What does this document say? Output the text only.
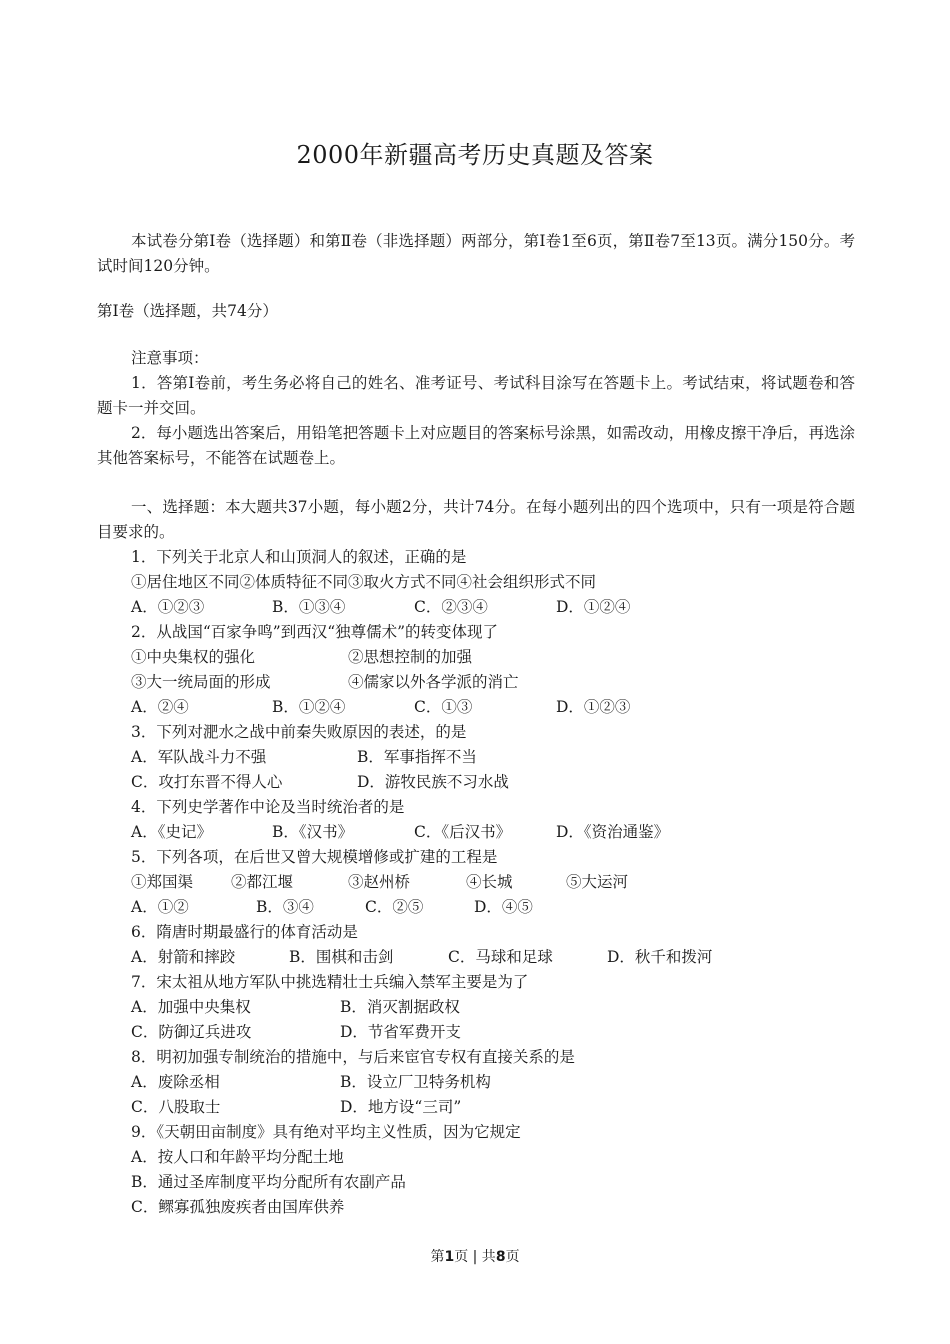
2000年新疆高考历史真题及答案
本试卷分第Ⅰ卷（选择题）和第Ⅱ卷（非选择题）两部分，第Ⅰ卷1至6页，第Ⅱ卷7至13页。满分150分。考试时间120分钟。
第Ⅰ卷（选择题，共74分）
注意事项：
1．答第Ⅰ卷前，考生务必将自己的姓名、准考证号、考试科目涂写在答题卡上。考试结束，将试题卷和答题卡一并交回。
2．每小题选出答案后，用铅笔把答题卡上对应题目的答案标号涂黑，如需改动，用橡皮擦干净后，再选涂其他答案标号，不能答在试题卷上。
一、选择题：本大题共37小题，每小题2分，共计74分。在每小题列出的四个选项中，只有一项是符合题目要求的。
1．下列关于北京人和山顶洞人的叙述，正确的是
①居住地区不同②体质特征不同③取火方式不同④社会组织形式不同
A．①②③	B．①③④	C．②③④	D．①②④
2．从战国“百家争鸣”到西汉“独尊儒术”的转变体现了
①中央集权的强化	②思想控制的加强
③大一统局面的形成	④儒家以外各学派的消亡
A．②④	B．①②④	C．①③	D．①②③
3．下列对淝水之战中前秦失败原因的表述，的是
A．军队战斗力不强	B．军事指挥不当
C．攻打东晋不得人心	D．游牧民族不习水战
4．下列史学著作中论及当时统治者的是
A．《史记》	B．《汉书》	C．《后汉书》	D．《资治通鉴》
5．下列各项，在后世又曾大规模增修或扩建的工程是
①郑国渠 ②都江堰	③赵州桥	④长城	⑤大运河
A．①②	B．③④	C．②⑤	D．④⑤
6．隋唐时期最盛行的体育活动是
A．射箭和摔跤	B．围棋和击剑	C．马球和足球	D．秋千和拨河
7．宋太祖从地方军队中挑选精壮士兵编入禁军主要是为了
A．加强中央集权	B．消灭割据政权
C．防御辽兵进攻	D．节省军费开支
8．明初加强专制统治的措施中，与后来宦官专权有直接关系的是
A．废除丞相	B．设立厂卫特务机构
C．八股取士	D．地方设“三司”
9．《天朝田亩制度》具有绝对平均主义性质，因为它规定
A．按人口和年龄平均分配土地
B．通过圣库制度平均分配所有农副产品
C．鳏寡孤独废疾者由国库供养
第1页 | 共8页
